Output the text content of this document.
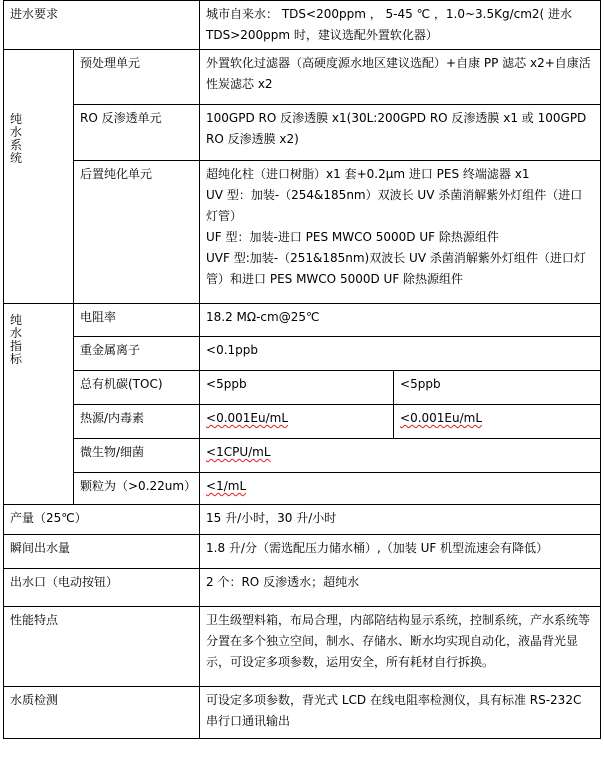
进水要求		城市自来水： TDS<200ppm ， 5-45 ℃ ，1.0~3.5Kg/cm2( 进水 TDS>200ppm 时，建议选配外置软化器）	

纯水系统	预处理单元	外置软化过滤器（高硬度源水地区建议选配）+自康 PP 滤芯 x2+自康活性炭滤芯 x2	
	RO 反渗透单元	100GPD RO 反渗透膜 x1(30L:200GPD RO 反渗透膜 x1 或 100GPD RO 反渗透膜 x2)	
	后置纯化单元	超纯化柱（进口树脂）x1 套+0.2μm 进口 PES 终端滤器 x1
UV 型：加装-（254&185nm）双波长 UV 杀菌消解紫外灯组件（进口灯管）
UF 型：加装-进口 PES MWCO 5000D UF 除热源组件
UVF 型:加装-（251&185nm)双波长 UV 杀菌消解紫外灯组件（进口灯管）和进口 PES MWCO 5000D UF 除热源组件	

纯水指标	电阻率	18.2 MΩ-cm@25℃	
	重金属离子	<0.1ppb	
	总有机碳(TOC)	<5ppb	<5ppb
	热源/内毒素	<0.001Eu/mL	<0.001Eu/mL
	微生物/细菌	<1CPU/mL	
	颗粒为（>0.22um）	<1/mL	
产量（25℃）		15 升/小时，30 升/小时	
瞬间出水量		1.8 升/分（需选配压力储水桶）,（加装 UF 机型流速会有降低）	
出水口（电动按钮）		2 个：RO 反渗透水；超纯水	
性能特点		卫生级塑料箱，布局合理，内部陪结构显示系统，控制系统，产水系统等分置在多个独立空间，制水、存储水、断水均实现自动化，液晶背光显示，可设定多项参数，运用安全，所有耗材自行拆换。	
水质检测		可设定多项参数，背光式 LCD 在线电阻率检测仪，具有标准 RS-232C 串行口通讯输出	
